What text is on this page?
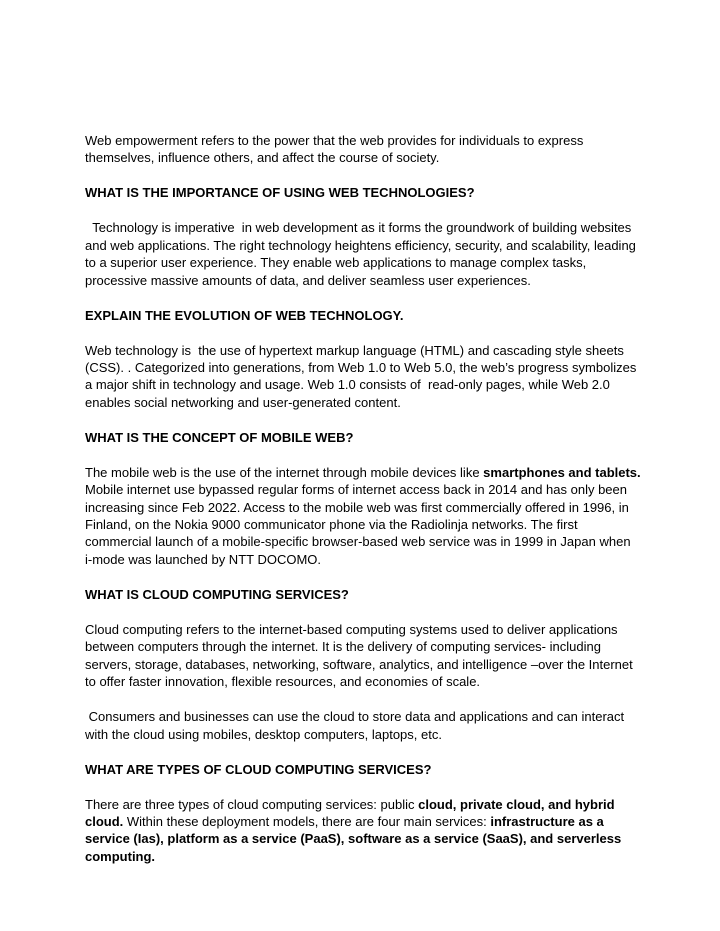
Web empowerment refers to the power that the web provides for individuals to express themselves, influence others, and affect the course of society.

WHAT IS THE IMPORTANCE OF USING WEB TECHNOLOGIES?

Technology is imperative  in web development as it forms the groundwork of building websites and web applications. The right technology heightens efficiency, security, and scalability, leading to a superior user experience. They enable web applications to manage complex tasks, processive massive amounts of data, and deliver seamless user experiences.

EXPLAIN THE EVOLUTION OF WEB TECHNOLOGY.

Web technology is  the use of hypertext markup language (HTML) and cascading style sheets (CSS). . Categorized into generations, from Web 1.0 to Web 5.0, the web’s progress symbolizes a major shift in technology and usage. Web 1.0 consists of  read-only pages, while Web 2.0 enables social networking and user-generated content.

WHAT IS THE CONCEPT OF MOBILE WEB?

The mobile web is the use of the internet through mobile devices like smartphones and tablets. Mobile internet use bypassed regular forms of internet access back in 2014 and has only been increasing since Feb 2022. Access to the mobile web was first commercially offered in 1996, in Finland, on the Nokia 9000 communicator phone via the Radiolinja networks. The first commercial launch of a mobile-specific browser-based web service was in 1999 in Japan when i-mode was launched by NTT DOCOMO.

WHAT IS CLOUD COMPUTING SERVICES?

Cloud computing refers to the internet-based computing systems used to deliver applications between computers through the internet. It is the delivery of computing services- including servers, storage, databases, networking, software, analytics, and intelligence –over the Internet to offer faster innovation, flexible resources, and economies of scale.

Consumers and businesses can use the cloud to store data and applications and can interact with the cloud using mobiles, desktop computers, laptops, etc.

WHAT ARE TYPES OF CLOUD COMPUTING SERVICES?

There are three types of cloud computing services: public cloud, private cloud, and hybrid cloud. Within these deployment models, there are four main services: infrastructure as a service (Ias), platform as a service (PaaS), software as a service (SaaS), and serverless computing.
